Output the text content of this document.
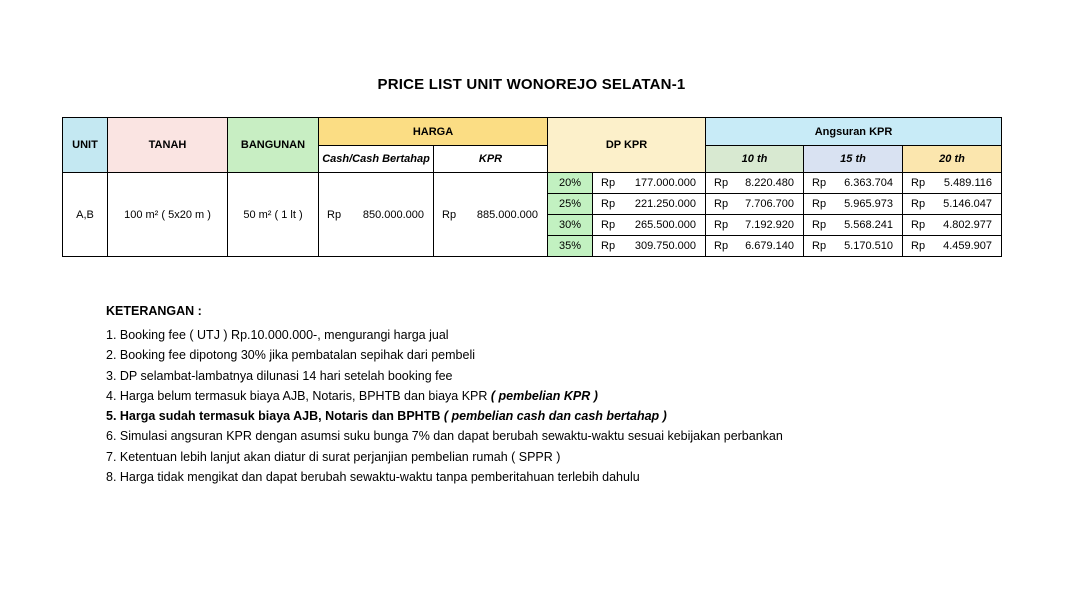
PRICE LIST UNIT WONOREJO SELATAN-1
UNIT	TANAH	BANGUNAN	HARGA		DP KPR		Angsuran KPR		
			Cash/Cash Bertahap	KPR			10 th	15 th	20 th
A,B	100 m² ( 5x20 m )	50 m² ( 1 lt )	Rp 850.000.000	Rp 885.000.000	20%	Rp 177.000.000	Rp 8.220.480	Rp 6.363.704	Rp 5.489.116

					25%	Rp 221.250.000	Rp 7.706.700	Rp 5.965.973	Rp 5.146.047

					30%	Rp 265.500.000	Rp 7.192.920	Rp 5.568.241	Rp 4.802.977

					35%	Rp 309.750.000	Rp 6.679.140	Rp 5.170.510	Rp 4.459.907
KETERANGAN :
1. Booking fee ( UTJ ) Rp.10.000.000-, mengurangi harga jual
2. Booking fee dipotong 30% jika pembatalan sepihak dari pembeli
3. DP selambat-lambatnya dilunasi 14 hari setelah booking fee
4. Harga belum termasuk biaya AJB, Notaris, BPHTB dan biaya KPR ( pembelian KPR )
5. Harga sudah termasuk biaya AJB, Notaris dan BPHTB ( pembelian cash dan cash bertahap )
6. Simulasi angsuran KPR dengan asumsi suku bunga 7% dan dapat berubah sewaktu-waktu sesuai kebijakan perbankan
7. Ketentuan lebih lanjut akan diatur di surat perjanjian pembelian rumah ( SPPR )
8. Harga tidak mengikat dan dapat berubah sewaktu-waktu tanpa pemberitahuan terlebih dahulu
